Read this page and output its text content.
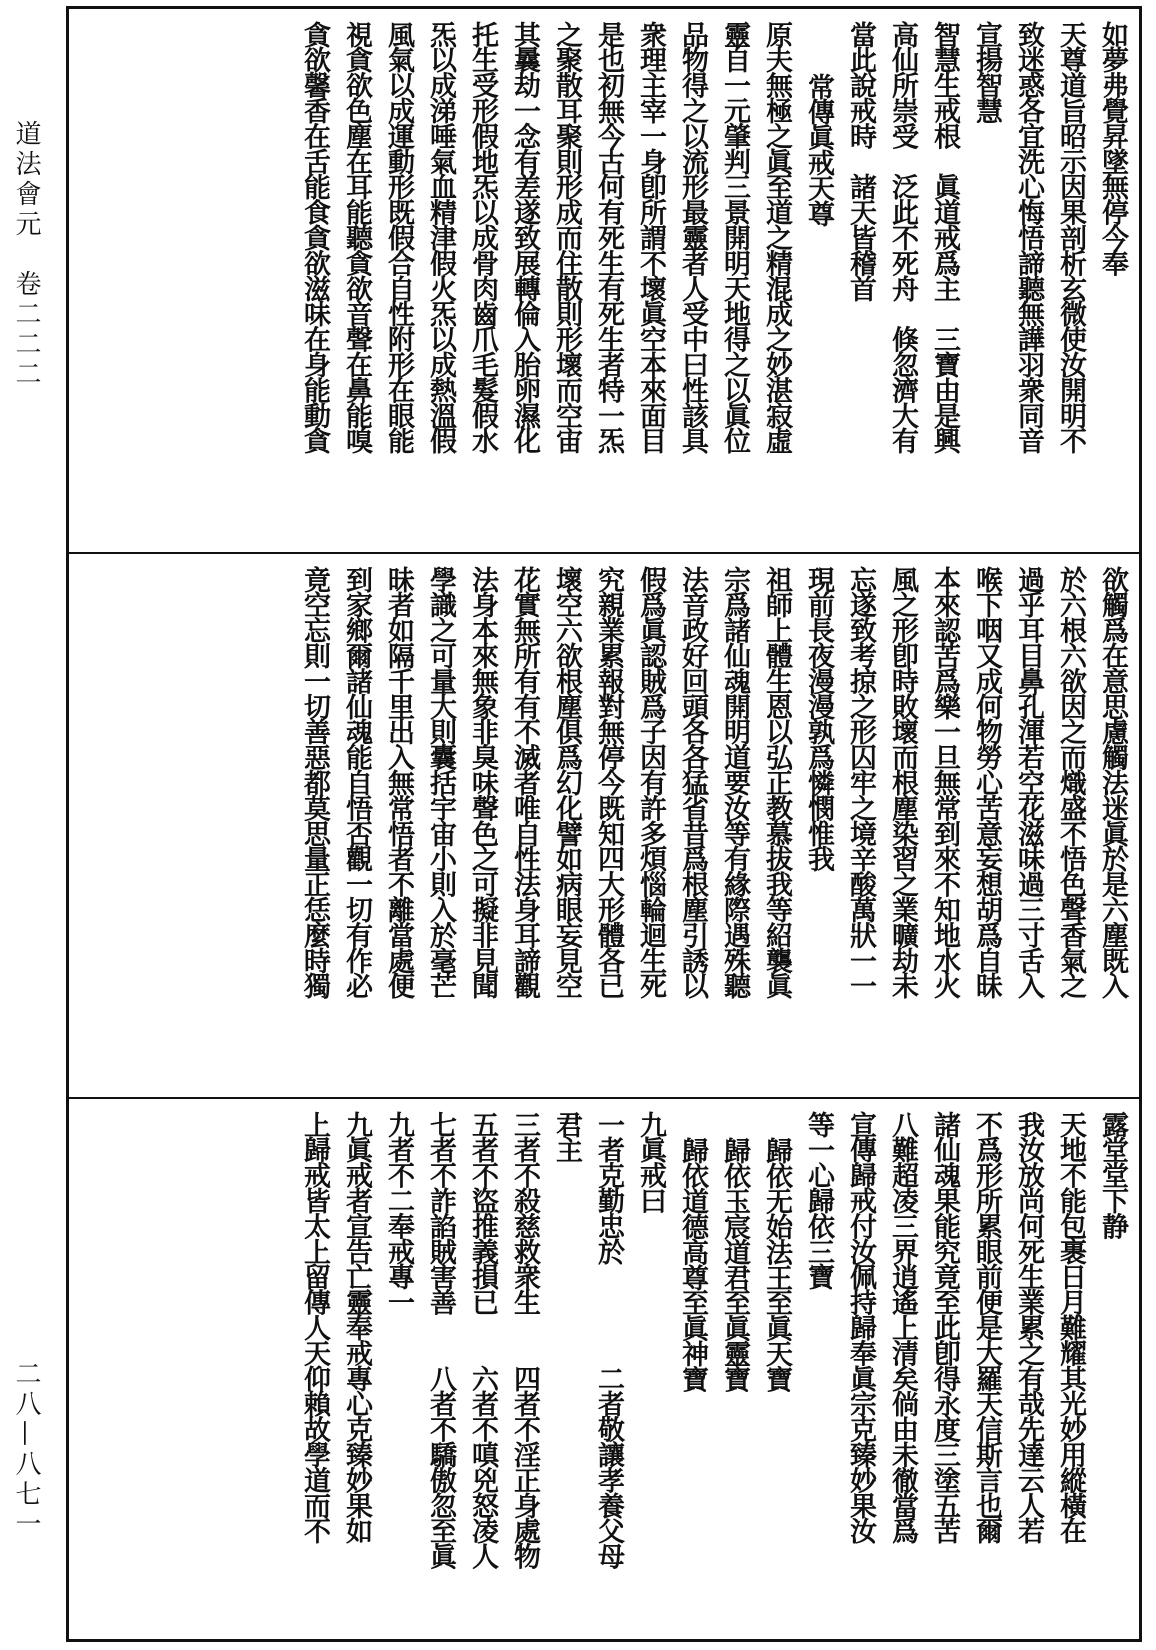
道法會元　卷二二二
二八—八七一
如夢弗覺昇墜無停今奉
天尊道旨昭示因果剖析玄微使汝開明不
致迷惑各宜洗心悔悟諦聽無譁羽衆同音
宣揚智慧
智慧生戒根　眞道戒爲主　三寶由是興
高仙所崇受　泛此不死舟　倏忽濟大有
當此說戒時　諸天皆稽首
常傳眞戒天尊
原夫無極之眞至道之精混成之妙湛寂虛
靈自一元肇判三景開明天地得之以眞位
品物得之以流形最靈者人受中曰性該具
衆理主宰一身卽所謂不壞眞空本來面目
是也初無今古何有死生有死生者特一炁
之聚散耳聚則形成而住散則形壞而空宙
其曩劫一念有差遂致展轉倫入胎卵濕化
托生受形假地炁以成骨肉齒爪毛髮假水
炁以成涕唾氣血精津假火炁以成熱溫假
風氣以成運動形既假合自性附形在眼能
視貪欲色塵在耳能聽貪欲音聲在鼻能嗅
貪欲馨香在舌能食貪欲滋味在身能動貪
欲觸爲在意思慮觸法迷眞於是六塵既入
於六根六欲因之而熾盛不悟色聲香氣之
過乎耳目鼻孔渾若空花滋味過三寸舌入
喉下咽又成何物勞心苦意妄想胡爲自昧
本來認苦爲樂一旦無常到來不知地水火
風之形卽時敗壞而根塵染習之業曠劫未
忘遂致考掠之形囚牢之境辛酸萬狀一一
現前長夜漫漫孰爲憐憫惟我
祖師上體生恩以弘正教慕拔我等紹襲眞
宗爲諸仙魂開明道要汝等有緣際遇殊聽
法音政好回頭各各猛省昔爲根塵引誘以
假爲眞認賊爲子因有許多煩惱輪迴生死
究親業累報對無停今既知四大形體各已
壞空六欲根塵俱爲幻化譬如病眼妄見空
花實無所有有不滅者唯自性法身耳諦觀
法身本來無象非臭味聲色之可擬非見聞
學識之可量大則囊括宇宙小則入於毫芒
昧者如隔千里出入無常悟者不離當處便
到家鄉爾諸仙魂能自悟否觀一切有作必
竟空忘則一切善惡都莫思量正恁麼時獨
露堂堂下静
天地不能包裹日月難耀其光妙用縱橫在
我汝放尚何死生業累之有哉先達云人若
不爲形所累眼前便是大羅天信斯言也爾
諸仙魂果能究竟至此卽得永度三塗五苦
八難超凌三界逍遙上清矣倘由未徹當爲
宣傳歸戒付汝佩持歸奉眞宗克臻妙果汝
等一心歸依三寶
歸依无始法王至眞天寶
歸依玉宸道君至眞靈寶
歸依道德高尊至眞神寶
九眞戒曰
一者克勤忠於　　　　二者敬讓孝養父母
君主
三者不殺慈救衆生　　四者不淫正身處物
五者不盜推義損已　　六者不嗔兇怒凌人
七者不詐諂賊害善　　八者不驕傲忽至眞
九者不二奉戒專一
九眞戒者宣告亡靈奉戒專心克臻妙果如
上歸戒皆太上留傳人天仰賴故學道而不
